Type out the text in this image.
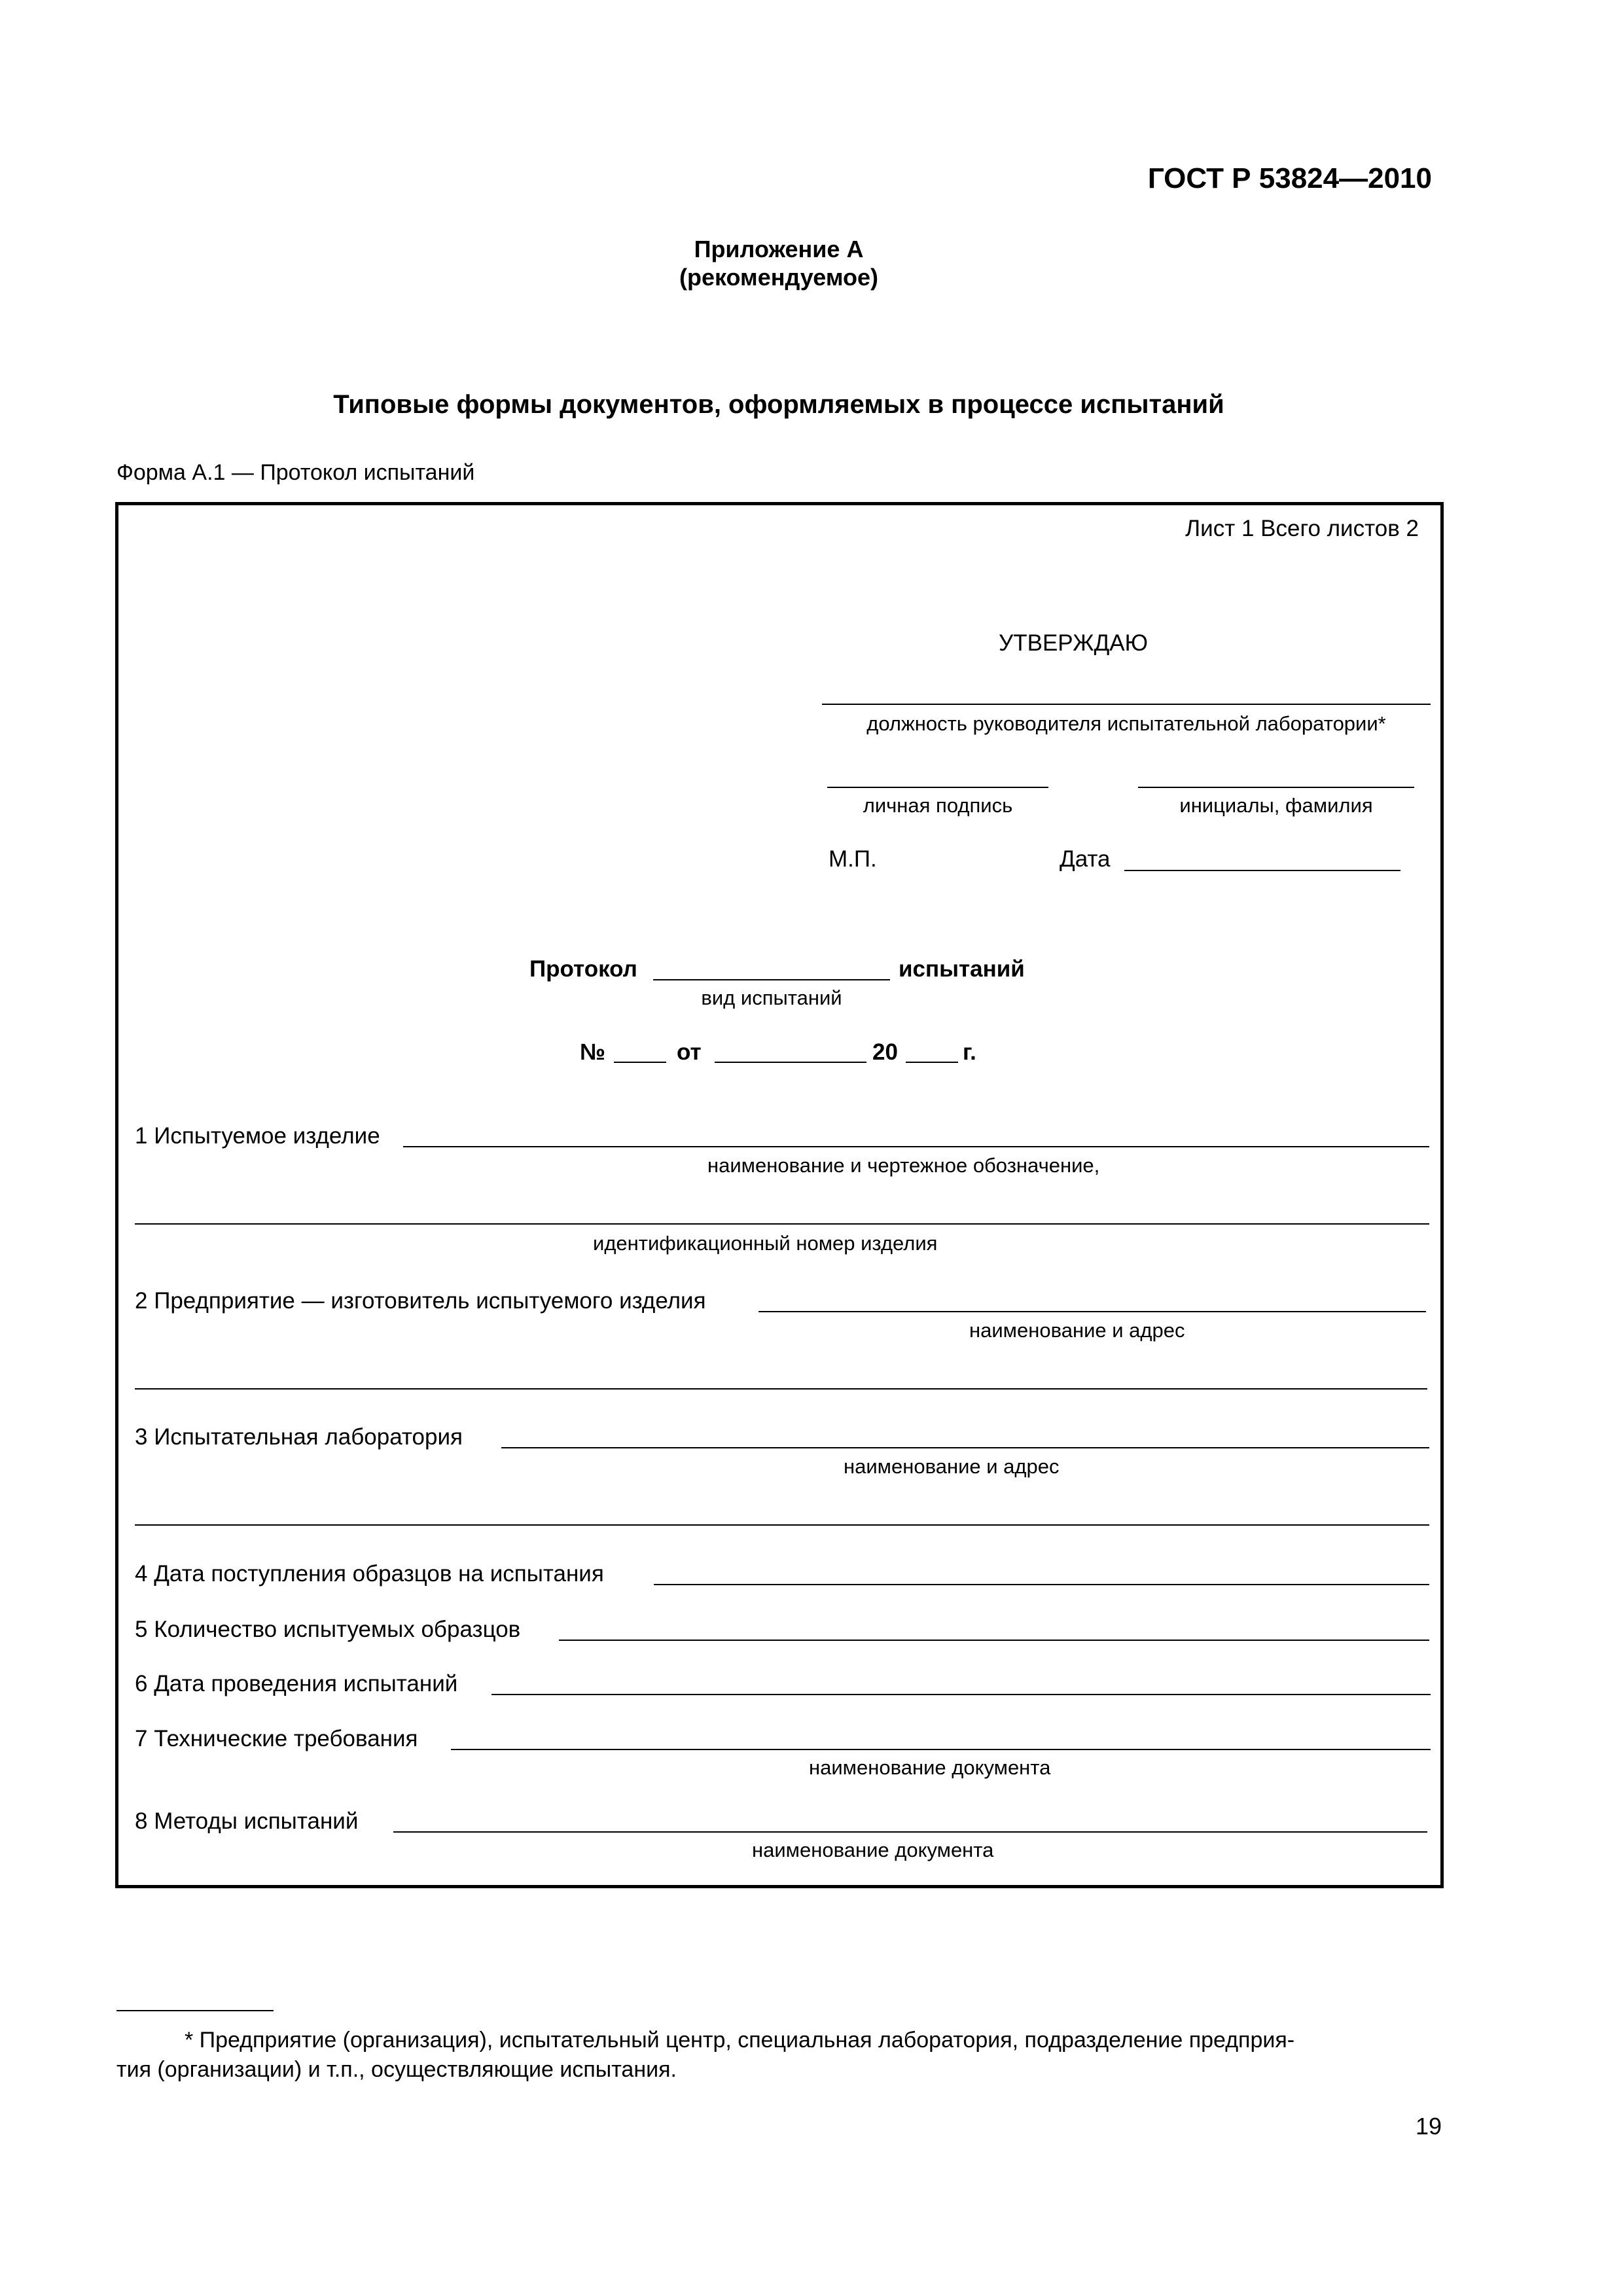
ГОСТ Р 53824—2010
Приложение А
(рекомендуемое)
Типовые формы документов, оформляемых в процессе испытаний
Форма А.1 — Протокол испытаний
Лист 1 Всего листов 2
УТВЕРЖДАЮ
должность руководителя испытательной лаборатории*
личная подпись	инициалы, фамилия
М.П.	Дата
Протокол	испытаний
вид испытаний
№	от	20	г.
1 Испытуемое изделие
наименование и чертежное обозначение,
идентификационный номер изделия
2 Предприятие — изготовитель испытуемого изделия
наименование и адрес
3 Испытательная лаборатория
наименование и адрес
4 Дата поступления образцов на испытания
5 Количество испытуемых образцов
6 Дата проведения испытаний
7 Технические требования
наименование документа
8 Методы испытаний
наименование документа
* Предприятие (организация), испытательный центр, специальная лаборатория, подразделение предприя-
тия (организации) и т.п., осуществляющие испытания.
19
